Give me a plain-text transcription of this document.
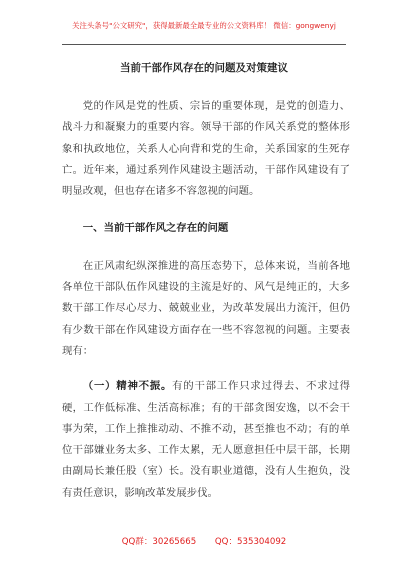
关注头条号"公文研究"，获得最新最全最专业的公文资料库！ 微信：gongwenyj
当前干部作风存在的问题及对策建议

党的作风是党的性质、宗旨的重要体现，是党的创造力、战斗力和凝聚力的重要内容。领导干部的作风关系党的整体形象和执政地位，关系人心向背和党的生命，关系国家的生死存亡。近年来，通过系列作风建设主题活动，干部作风建设有了明显改观，但也存在诸多不容忽视的问题。

一、当前干部作风之存在的问题

在正风肃纪纵深推进的高压态势下，总体来说，当前各地各单位干部队伍作风建设的主流是好的、风气是纯正的，大多数干部工作尽心尽力、兢兢业业，为改革发展出力流汗，但仍有少数干部在作风建设方面存在一些不容忽视的问题。主要表现有：

（一）精神不振。有的干部工作只求过得去、不求过得硬，工作低标准、生活高标准；有的干部贪图安逸，以不会干事为荣，工作上推推动动、不推不动，甚至推也不动；有的单位干部嫌业务太多、工作太累，无人愿意担任中层干部，长期由副局长兼任股（室）长。没有职业道德，没有人生抱负，没有责任意识，影响改革发展步伐。

QQ群：30265665 QQ：535304092
